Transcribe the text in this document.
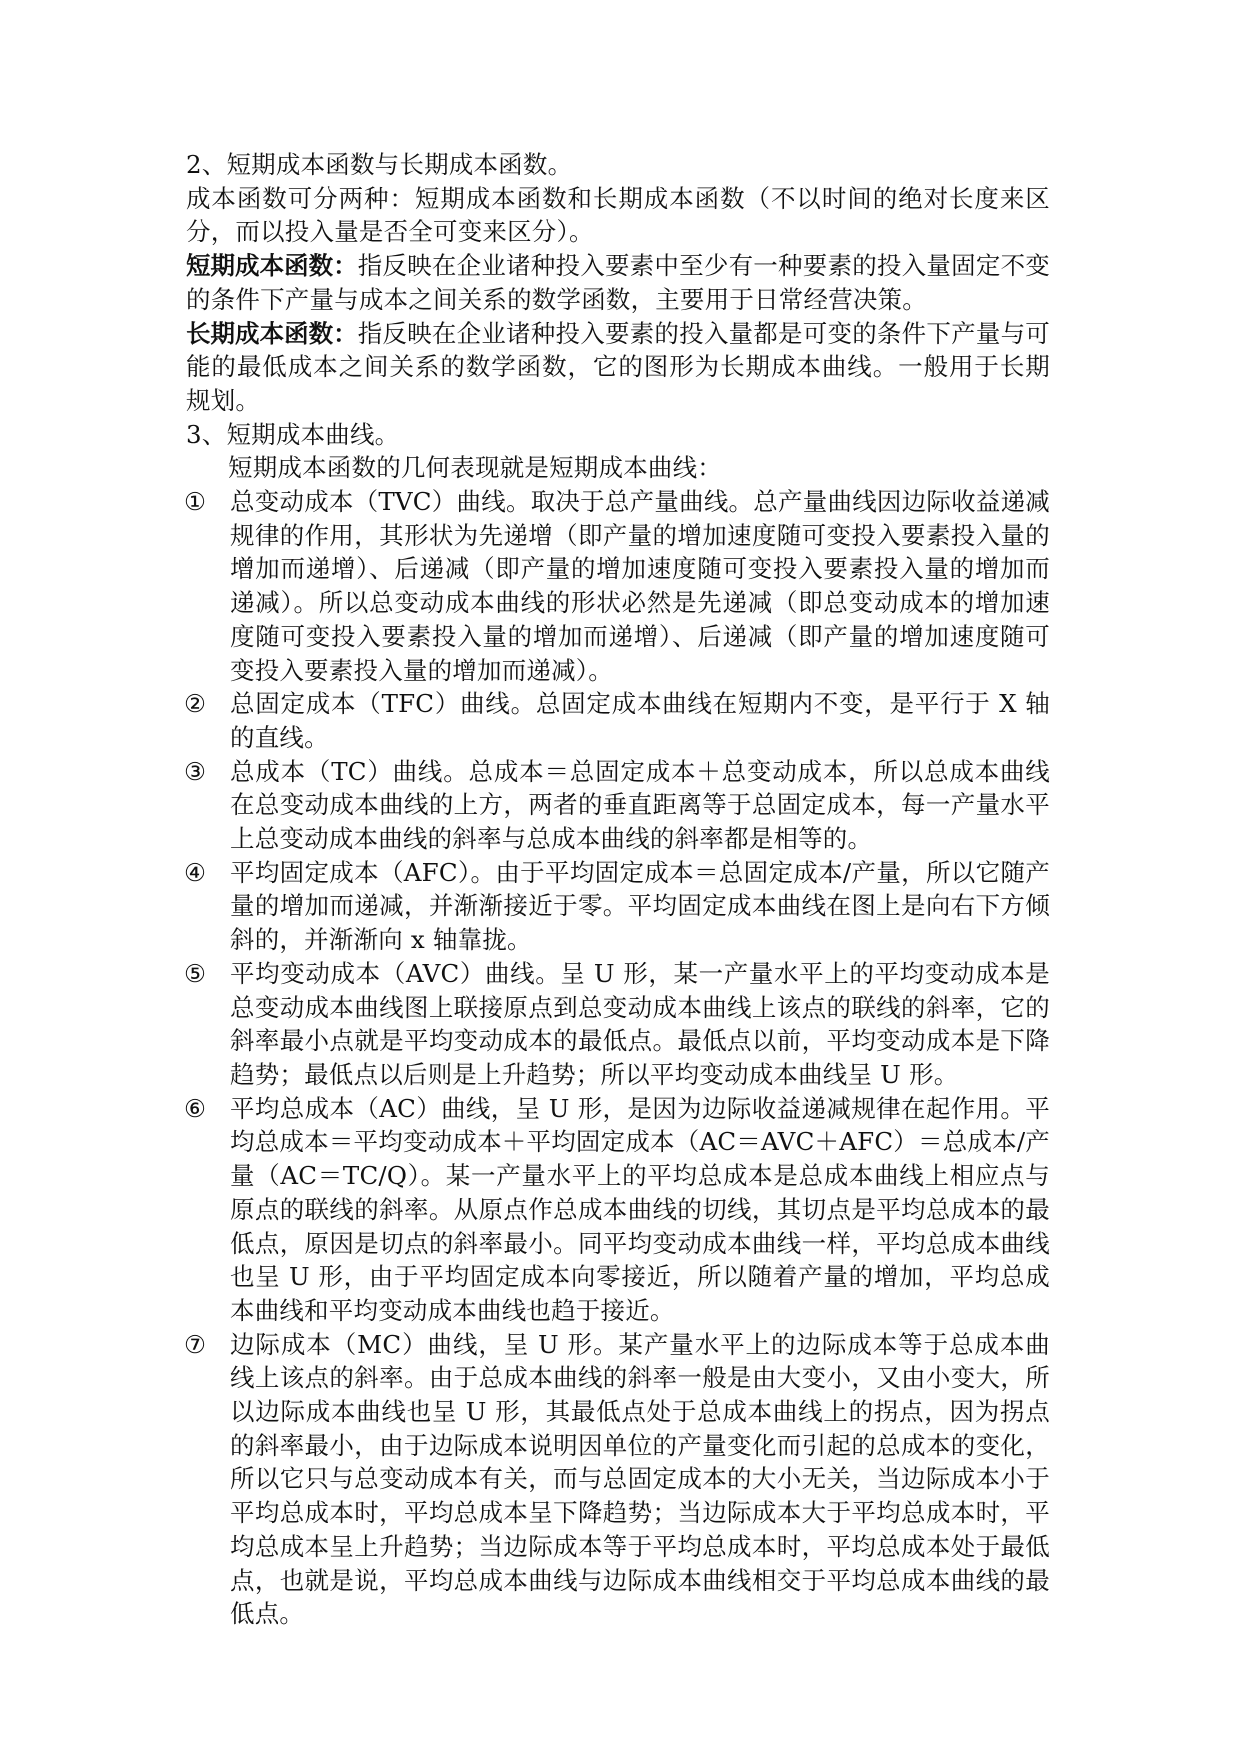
2、短期成本函数与长期成本函数。

成本函数可分两种：短期成本函数和长期成本函数（不以时间的绝对长度来区分，而以投入量是否全可变来区分）。

短期成本函数：指反映在企业诸种投入要素中至少有一种要素的投入量固定不变的条件下产量与成本之间关系的数学函数，主要用于日常经营决策。

长期成本函数：指反映在企业诸种投入要素的投入量都是可变的条件下产量与可能的最低成本之间关系的数学函数，它的图形为长期成本曲线。一般用于长期规划。

3、短期成本曲线。

短期成本函数的几何表现就是短期成本曲线：

① 总变动成本（TVC）曲线。取决于总产量曲线。总产量曲线因边际收益递减规律的作用，其形状为先递增（即产量的增加速度随可变投入要素投入量的增加而递增）、后递减（即产量的增加速度随可变投入要素投入量的增加而递减）。所以总变动成本曲线的形状必然是先递减（即总变动成本的增加速度随可变投入要素投入量的增加而递增）、后递减（即产量的增加速度随可变投入要素投入量的增加而递减）。

② 总固定成本（TFC）曲线。总固定成本曲线在短期内不变，是平行于 X 轴的直线。

③ 总成本（TC）曲线。总成本＝总固定成本＋总变动成本，所以总成本曲线在总变动成本曲线的上方，两者的垂直距离等于总固定成本，每一产量水平上总变动成本曲线的斜率与总成本曲线的斜率都是相等的。

④ 平均固定成本（AFC）。由于平均固定成本＝总固定成本/产量，所以它随产量的增加而递减，并渐渐接近于零。平均固定成本曲线在图上是向右下方倾斜的，并渐渐向 x 轴靠拢。

⑤ 平均变动成本（AVC）曲线。呈 U 形，某一产量水平上的平均变动成本是总变动成本曲线图上联接原点到总变动成本曲线上该点的联线的斜率，它的斜率最小点就是平均变动成本的最低点。最低点以前，平均变动成本是下降趋势；最低点以后则是上升趋势；所以平均变动成本曲线呈 U 形。

⑥ 平均总成本（AC）曲线，呈 U 形，是因为边际收益递减规律在起作用。平均总成本＝平均变动成本＋平均固定成本（AC＝AVC＋AFC）＝总成本/产量（AC＝TC/Q）。某一产量水平上的平均总成本是总成本曲线上相应点与原点的联线的斜率。从原点作总成本曲线的切线，其切点是平均总成本的最低点，原因是切点的斜率最小。同平均变动成本曲线一样，平均总成本曲线也呈 U 形，由于平均固定成本向零接近，所以随着产量的增加，平均总成本曲线和平均变动成本曲线也趋于接近。

⑦ 边际成本（MC）曲线，呈 U 形。某产量水平上的边际成本等于总成本曲线上该点的斜率。由于总成本曲线的斜率一般是由大变小，又由小变大，所以边际成本曲线也呈 U 形，其最低点处于总成本曲线上的拐点，因为拐点的斜率最小，由于边际成本说明因单位的产量变化而引起的总成本的变化，所以它只与总变动成本有关，而与总固定成本的大小无关，当边际成本小于平均总成本时，平均总成本呈下降趋势；当边际成本大于平均总成本时，平均总成本呈上升趋势；当边际成本等于平均总成本时，平均总成本处于最低点，也就是说，平均总成本曲线与边际成本曲线相交于平均总成本曲线的最低点。
